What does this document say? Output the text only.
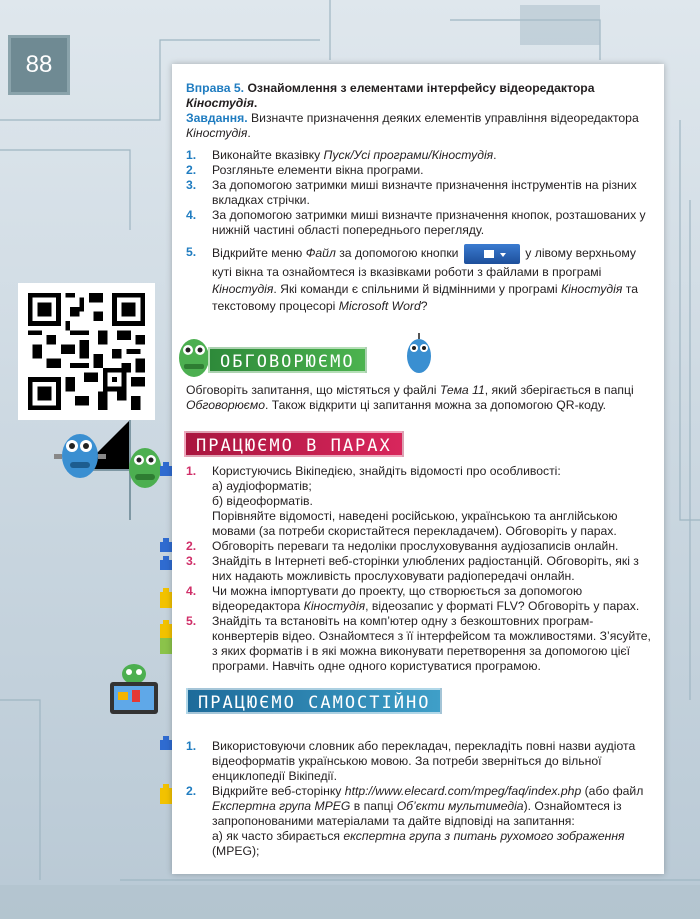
88
Вправа 5. Ознайомлення з елементами інтерфейсу відеоредактора Кіностудія.
Завдання. Визначте призначення деяких елементів управління відеоредактора Кіностудія.
1. Виконайте вказівку Пуск/Усі програми/Кіностудія.
2. Розгляньте елементи вікна програми.
3. За допомогою затримки миші визначте призначення інструментів на різних вкладках стрічки.
4. За допомогою затримки миші визначте призначення кнопок, розташованих у нижній частині області попереднього перегляду.
5. Відкрийте меню Файл за допомогою кнопки	у лівому верхньому куті вікна та ознайомтеся із вказівками роботи з файлами в програмі Кіностудія. Які команди є спільними й відмінними у програмі Кіностудія та текстовому процесорі Microsoft Word?
ОБГОВОРЮЄМО
Обговоріть запитання, що містяться у файлі Тема 11, який зберігається в папці Обговорюємо. Також відкрити ці запитання можна за допомогою QR-коду.
ПРАЦЮЄМО В ПАРАХ
1. Користуючись Вікіпедією, знайдіть відомості про особливості:
а) аудіоформатів;
б) відеоформатів.
Порівняйте відомості, наведені російською, українською та англійською мовами (за потреби скористайтеся перекладачем). Обговоріть у парах.
2. Обговоріть переваги та недоліки прослуховування аудіозаписів онлайн.
3. Знайдіть в Інтернеті веб-сторінки улюблених радіостанцій. Обговоріть, які з них надають можливість прослуховувати радіопередачі онлайн.
4. Чи можна імпортувати до проекту, що створюється за допомогою відеоредактора Кіностудія, відеозапис у форматі FLV? Обговоріть у парах.
5. Знайдіть та встановіть на комп’ютер одну з безкоштовних програм-конвертерів відео. Ознайомтеся з її інтерфейсом та можливостями. З’ясуйте, з яких форматів і в які можна виконувати перетворення за допомогою цієї програми. Навчіть одне одного користуватися програмою.
ПРАЦЮЄМО САМОСТІЙНО
1. Використовуючи словник або перекладач, перекладіть повні назви аудіота відеоформатів українською мовою. За потреби зверніться до вільної енциклопедії Вікіпедії.
2. Відкрийте веб-сторінку http://www.elecard.com/mpeg/faq/index.php (або файл Експертна група MPEG в папці Об’єкти мультимедіа). Ознайомтеся із запропонованими матеріалами та дайте відповіді на запитання:
а) як часто збирається експертна група з питань рухомого зображення (MPEG);
